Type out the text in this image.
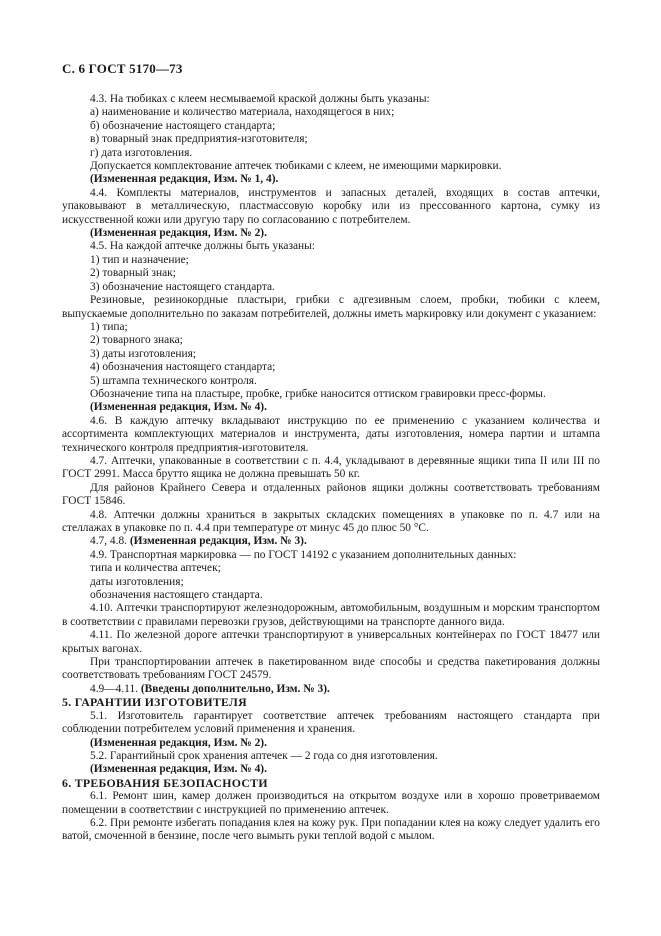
С. 6 ГОСТ 5170—73

4.3. На тюбиках с клеем несмываемой краской должны быть указаны:

а) наименование и количество материала, находящегося в них;

б) обозначение настоящего стандарта;

в) товарный знак предприятия-изготовителя;

г) дата изготовления.

Допускается комплектование аптечек тюбиками с клеем, не имеющими маркировки.

(Измененная редакция, Изм. № 1, 4).

4.4. Комплекты материалов, инструментов и запасных деталей, входящих в состав аптечки, упаковывают в металлическую, пластмассовую коробку или из прессованного картона, сумку из искусственной кожи или другую тару по согласованию с потребителем.

(Измененная редакция, Изм. № 2).

4.5. На каждой аптечке должны быть указаны:

1) тип и назначение;

2) товарный знак;

3) обозначение настоящего стандарта.

Резиновые, резинокордные пластыри, грибки с адгезивным слоем, пробки, тюбики с клеем, выпускаемые дополнительно по заказам потребителей, должны иметь маркировку или документ с указанием:

1) типа;

2) товарного знака;

3) даты изготовления;

4) обозначения настоящего стандарта;

5) штампа технического контроля.

Обозначение типа на пластыре, пробке, грибке наносится оттиском гравировки пресс-формы.

(Измененная редакция, Изм. № 4).

4.6. В каждую аптечку вкладывают инструкцию по ее применению с указанием количества и ассортимента комплектующих материалов и инструмента, даты изготовления, номера партии и штампа технического контроля предприятия-изготовителя.

4.7. Аптечки, упакованные в соответствии с п. 4.4, укладывают в деревянные ящики типа II или III по ГОСТ 2991. Масса брутто ящика не должна превышать 50 кг.

Для районов Крайнего Севера и отдаленных районов ящики должны соответствовать требованиям ГОСТ 15846.

4.8. Аптечки должны храниться в закрытых складских помещениях в упаковке по п. 4.7 или на стеллажах в упаковке по п. 4.4 при температуре от минус 45 до плюс 50 °С.

4.7, 4.8. (Измененная редакция, Изм. № 3).

4.9. Транспортная маркировка — по ГОСТ 14192 с указанием дополнительных данных:

типа и количества аптечек;

даты изготовления;

обозначения настоящего стандарта.

4.10. Аптечки транспортируют железнодорожным, автомобильным, воздушным и морским транспортом в соответствии с правилами перевозки грузов, действующими на транспорте данного вида.

4.11. По железной дороге аптечки транспортируют в универсальных контейнерах по ГОСТ 18477 или крытых вагонах.

При транспортировании аптечек в пакетированном виде способы и средства пакетирования должны соответствовать требованиям ГОСТ 24579.

4.9—4.11. (Введены дополнительно, Изм. № 3).

5. ГАРАНТИИ ИЗГОТОВИТЕЛЯ

5.1. Изготовитель гарантирует соответствие аптечек требованиям настоящего стандарта при соблюдении потребителем условий применения и хранения.

(Измененная редакция, Изм. № 2).

5.2. Гарантийный срок хранения аптечек — 2 года со дня изготовления.

(Измененная редакция, Изм. № 4).

6. ТРЕБОВАНИЯ БЕЗОПАСНОСТИ

6.1. Ремонт шин, камер должен производиться на открытом воздухе или в хорошо проветриваемом помещении в соответствии с инструкцией по применению аптечек.

6.2. При ремонте избегать попадания клея на кожу рук. При попадании клея на кожу следует удалить его ватой, смоченной в бензине, после чего вымыть руки теплой водой с мылом.
